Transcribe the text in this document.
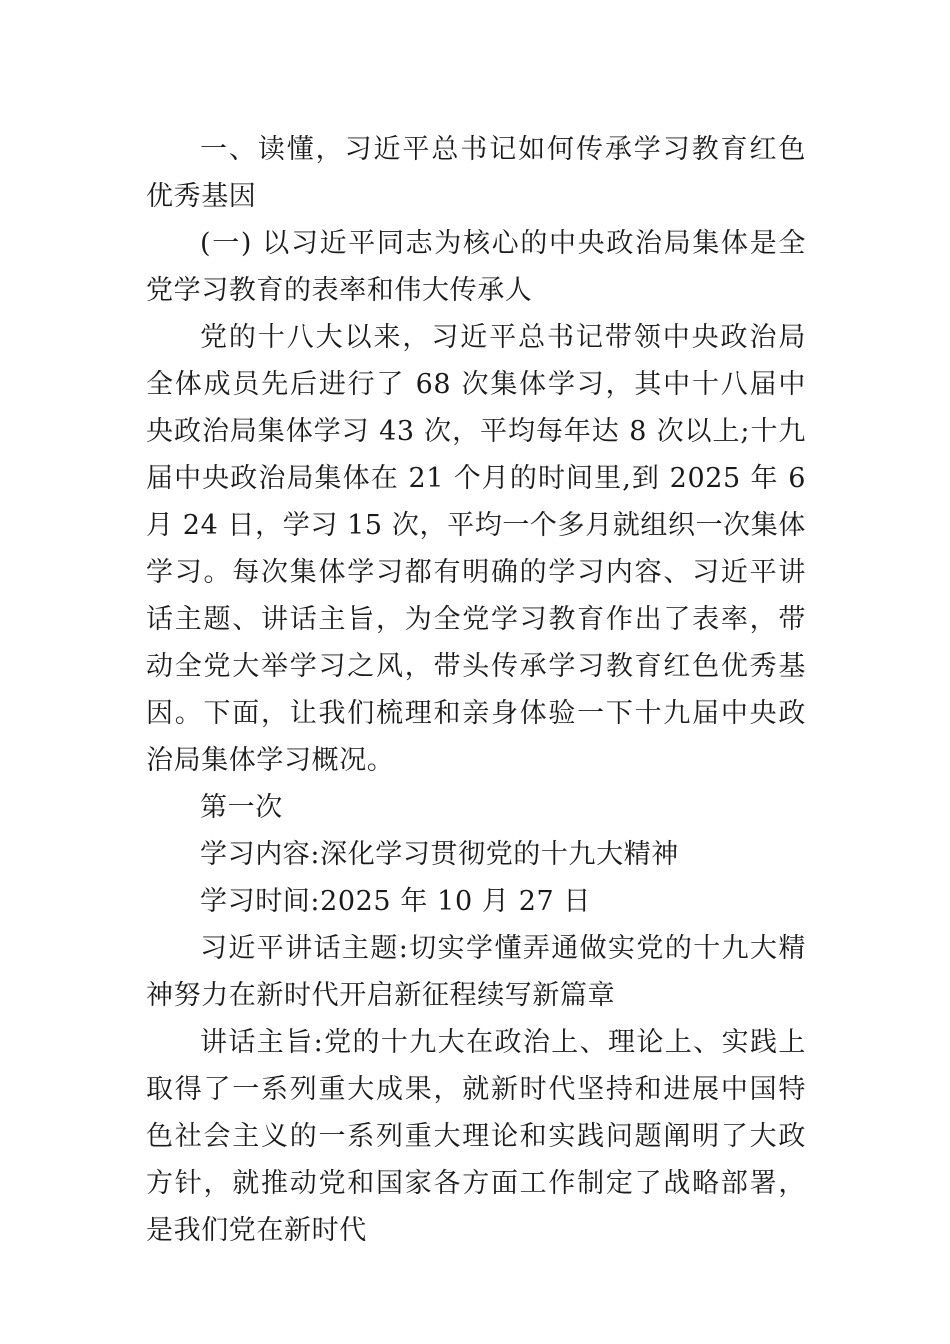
一、读懂，习近平总书记如何传承学习教育红色优秀基因

(一) 以习近平同志为核心的中央政治局集体是全党学习教育的表率和伟大传承人

党的十八大以来，习近平总书记带领中央政治局全体成员先后进行了 68 次集体学习，其中十八届中央政治局集体学习 43 次，平均每年达 8 次以上;十九届中央政治局集体在 21 个月的时间里,到 2025 年 6 月 24 日，学习 15 次，平均一个多月就组织一次集体学习。每次集体学习都有明确的学习内容、习近平讲话主题、讲话主旨，为全党学习教育作出了表率，带动全党大举学习之风，带头传承学习教育红色优秀基因。下面，让我们梳理和亲身体验一下十九届中央政治局集体学习概况。

第一次

学习内容:深化学习贯彻党的十九大精神

学习时间:2025 年 10 月 27 日

习近平讲话主题:切实学懂弄通做实党的十九大精神努力在新时代开启新征程续写新篇章

讲话主旨:党的十九大在政治上、理论上、实践上取得了一系列重大成果，就新时代坚持和进展中国特色社会主义的一系列重大理论和实践问题阐明了大政方针，就推动党和国家各方面工作制定了战略部署，是我们党在新时代
